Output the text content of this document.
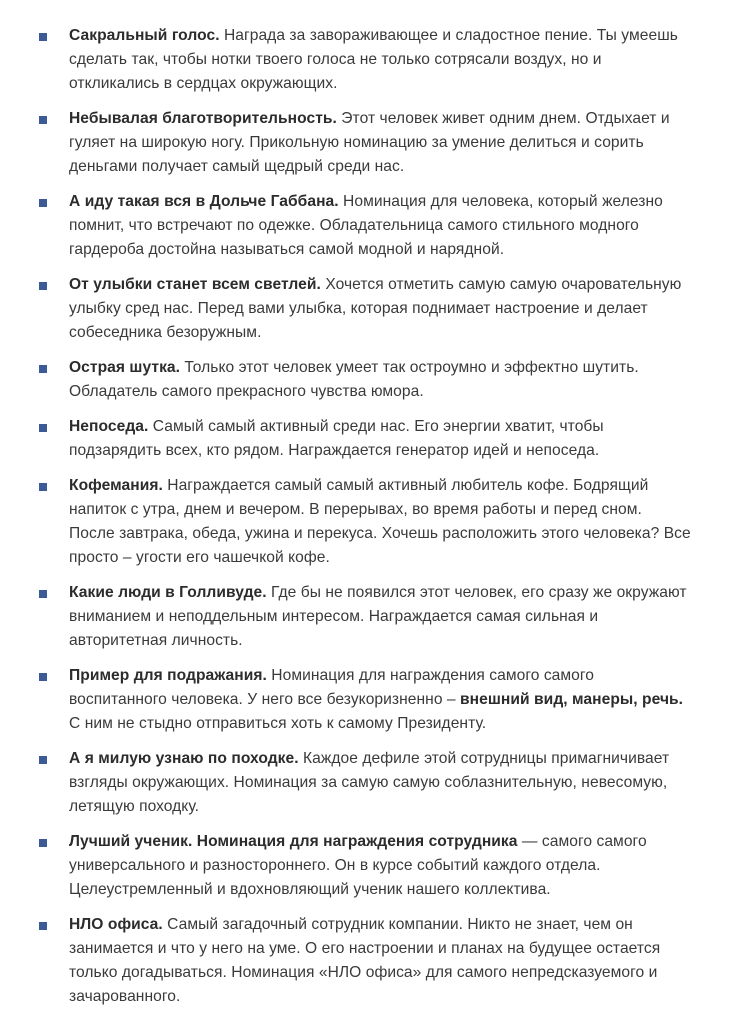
Сакральный голос. Награда за завораживающее и сладостное пение. Ты умеешь сделать так, чтобы нотки твоего голоса не только сотрясали воздух, но и откликались в сердцах окружающих.
Небывалая благотворительность. Этот человек живет одним днем. Отдыхает и гуляет на широкую ногу. Прикольную номинацию за умение делиться и сорить деньгами получает самый щедрый среди нас.
А иду такая вся в Дольче Габбана. Номинация для человека, который железно помнит, что встречают по одежке. Обладательница самого стильного модного гардероба достойна называться самой модной и нарядной.
От улыбки станет всем светлей. Хочется отметить самую самую очаровательную улыбку сред нас. Перед вами улыбка, которая поднимает настроение и делает собеседника безоружным.
Острая шутка. Только этот человек умеет так остроумно и эффектно шутить. Обладатель самого прекрасного чувства юмора.
Непоседа. Самый самый активный среди нас. Его энергии хватит, чтобы подзарядить всех, кто рядом. Награждается генератор идей и непоседа.
Кофемания. Награждается самый самый активный любитель кофе. Бодрящий напиток с утра, днем и вечером. В перерывах, во время работы и перед сном. После завтрака, обеда, ужина и перекуса. Хочешь расположить этого человека? Все просто – угости его чашечкой кофе.
Какие люди в Голливуде. Где бы не появился этот человек, его сразу же окружают вниманием и неподдельным интересом. Награждается самая сильная и авторитетная личность.
Пример для подражания. Номинация для награждения самого самого воспитанного человека. У него все безукоризненно – внешний вид, манеры, речь. С ним не стыдно отправиться хоть к самому Президенту.
А я милую узнаю по походке. Каждое дефиле этой сотрудницы примагничивает взгляды окружающих. Номинация за самую самую соблазнительную, невесомую, летящую походку.
Лучший ученик. Номинация для награждения сотрудника — самого самого универсального и разностороннего. Он в курсе событий каждого отдела. Целеустремленный и вдохновляющий ученик нашего коллектива.
НЛО офиса. Самый загадочный сотрудник компании. Никто не знает, чем он занимается и что у него на уме. О его настроении и планах на будущее остается только догадываться. Номинация «НЛО офиса» для самого непредсказуемого и зачарованного.
